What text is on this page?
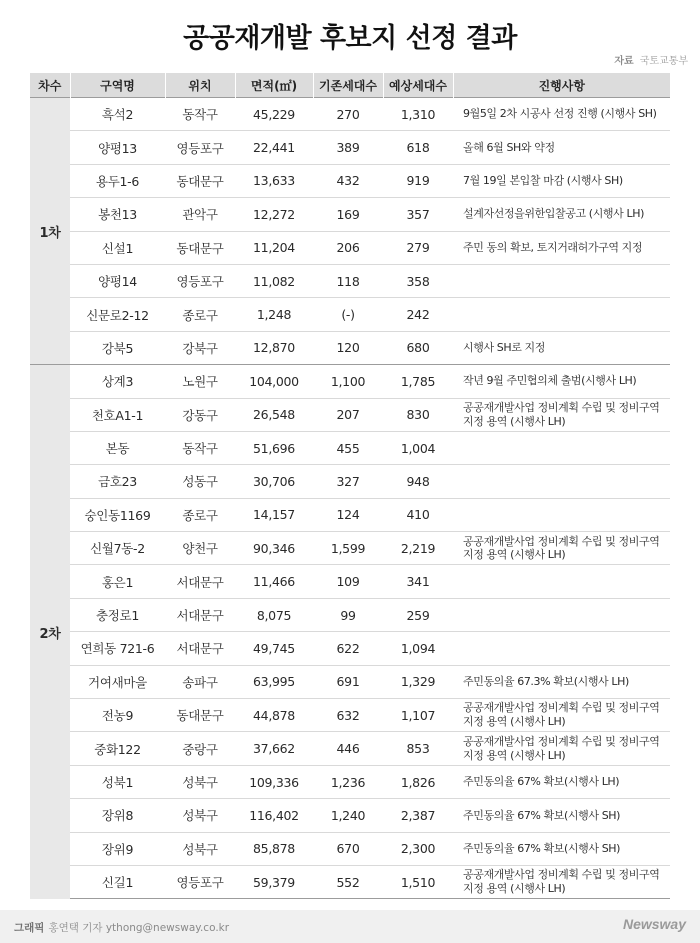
공공재개발 후보지 선정 결과
자료 국토교통부
차수	구역명	위치	면적(㎡)	기존세대수	예상세대수	진행사항
1차	흑석2	동작구	45,229	270	1,310	9월5일 2차 시공사 선정 진행 (시행사 SH)
	양평13	영등포구	22,441	389	618	올해 6월 SH와 약정
	용두1-6	동대문구	13,633	432	919	7월 19일 본입찰 마감 (시행사 SH)
	봉천13	관악구	12,272	169	357	설계자선정을위한입찰공고 (시행사 LH)
	신설1	동대문구	11,204	206	279	주민 동의 확보, 토지거래허가구역 지정
	양평14	영등포구	11,082	118	358	
	신문로2-12	종로구	1,248	(-)	242	
	강북5	강북구	12,870	120	680	시행사 SH로 지정
2차	상계3	노원구	104,000	1,100	1,785	작년 9월 주민협의체 출범(시행사 LH)
	천호A1-1	강동구	26,548	207	830	공공재개발사업 정비계획 수립 및 정비구역 지정 용역 (시행사 LH)
	본동	동작구	51,696	455	1,004	
	금호23	성동구	30,706	327	948	
	숭인동1169	종로구	14,157	124	410	
	신월7동-2	양천구	90,346	1,599	2,219	공공재개발사업 정비계획 수립 및 정비구역 지정 용역 (시행사 LH)
	홍은1	서대문구	11,466	109	341	
	충정로1	서대문구	8,075	99	259	
	연희동 721-6	서대문구	49,745	622	1,094	
	거여새마을	송파구	63,995	691	1,329	주민동의율 67.3% 확보(시행사 LH)
	전농9	동대문구	44,878	632	1,107	공공재개발사업 정비계획 수립 및 정비구역 지정 용역 (시행사 LH)
	중화122	중랑구	37,662	446	853	공공재개발사업 정비계획 수립 및 정비구역 지정 용역 (시행사 LH)
	성북1	성북구	109,336	1,236	1,826	주민동의율 67% 확보(시행사 LH)
	장위8	성북구	116,402	1,240	2,387	주민동의율 67% 확보(시행사 SH)
	장위9	성북구	85,878	670	2,300	주민동의율 67% 확보(시행사 SH)
	신길1	영등포구	59,379	552	1,510	공공재개발사업 정비계획 수립 및 정비구역 지정 용역 (시행사 LH)
그래픽 홍연택 기자 ythong@newsway.co.kr	Newsway
